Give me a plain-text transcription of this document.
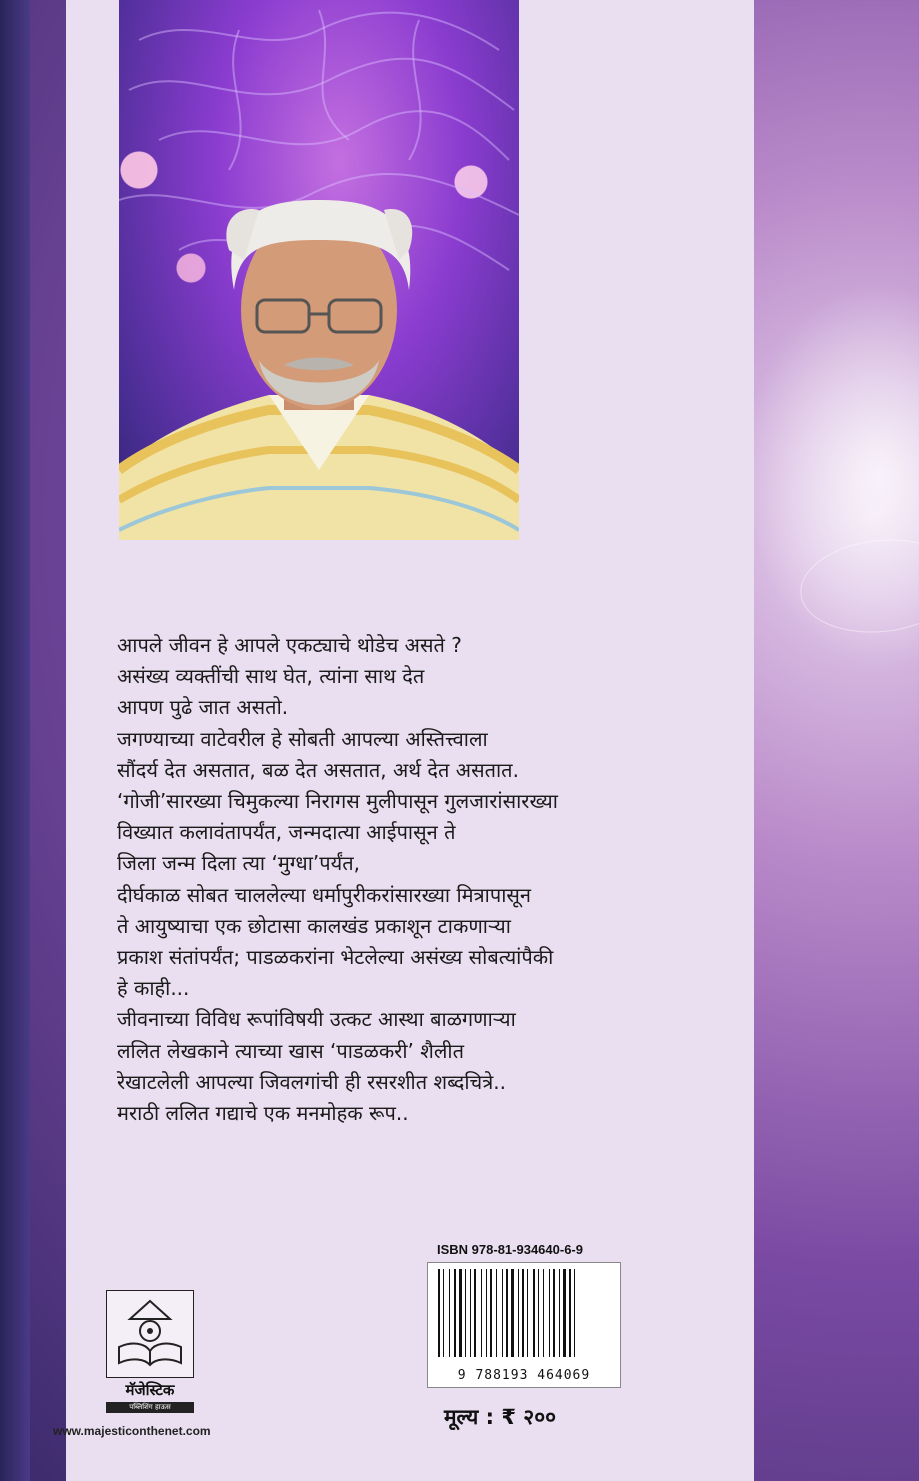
आपले जीवन हे आपले एकट्याचे थोडेच असते ?
असंख्य व्यक्तींची साथ घेत, त्यांना साथ देत
आपण पुढे जात असतो.
जगण्याच्या वाटेवरील हे सोबती आपल्या अस्तित्त्वाला
सौंदर्य देत असतात, बळ देत असतात, अर्थ देत असतात.
‘गोजी’सारख्या चिमुकल्या निरागस मुलीपासून गुलजारांसारख्या
विख्यात कलावंतापर्यंत, जन्मदात्या आईपासून ते
जिला जन्म दिला त्या ‘मुग्धा’पर्यंत,
दीर्घकाळ सोबत चाललेल्या धर्मापुरीकरांसारख्या मित्रापासून
ते आयुष्याचा एक छोटासा कालखंड प्रकाशून टाकणाऱ्या
प्रकाश संतांपर्यंत; पाडळकरांना भेटलेल्या असंख्य सोबत्यांपैकी
हे काही...
जीवनाच्या विविध रूपांविषयी उत्कट आस्था बाळगणाऱ्या
ललित लेखकाने त्याच्या खास ‘पाडळकरी’ शैलीत
रेखाटलेली आपल्या जिवलगांची ही रसरशीत शब्दचित्रे..
मराठी ललित गद्याचे एक मनमोहक रूप..
ISBN 978-81-934640-6-9
9 788193 464069
मूल्य : ₹ २००
मॅजेस्टिक
पब्लिशिंग हाऊस
www.majesticonthenet.com
